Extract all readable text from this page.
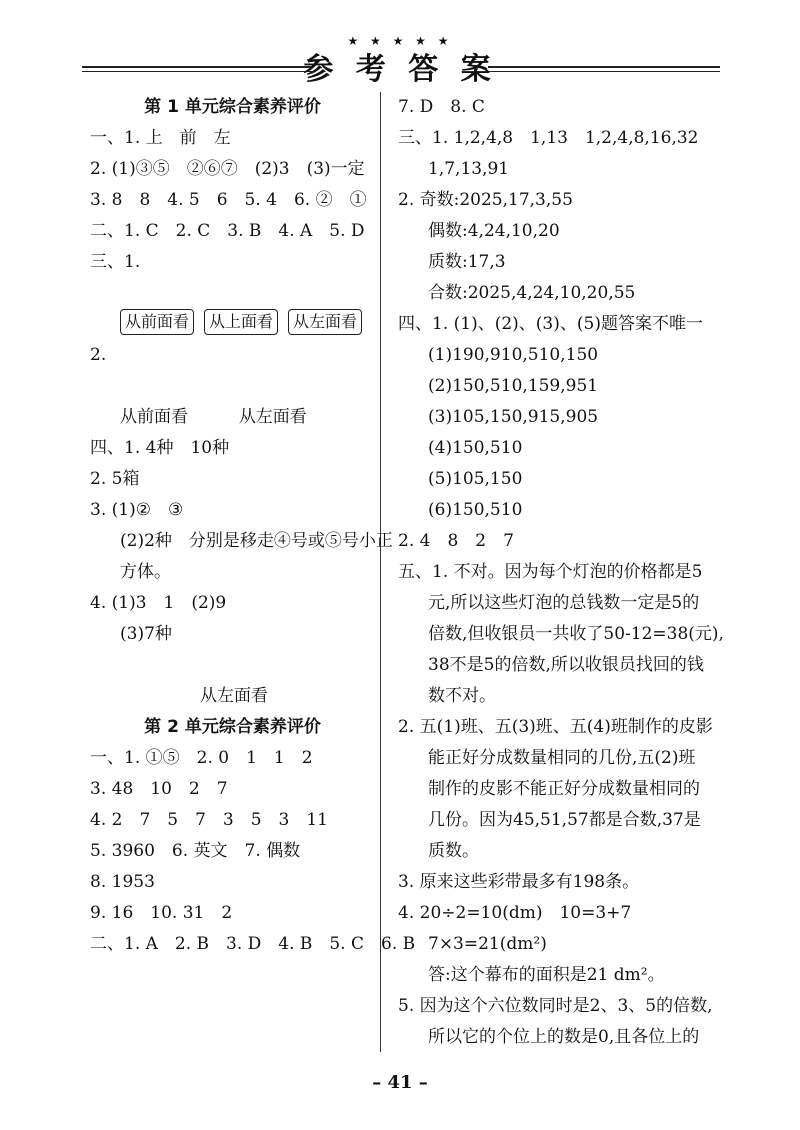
★ ★ ★ ★ ★
参 考 答 案
第 1 单元综合素养评价
一、1. 上　前　左
2. (1)③⑤　②⑥⑦　(2)3　(3)一定
3. 8　8　4. 5　6　5. 4　6. ②　①
二、1. C　2. C　3. B　4. A　5. D
三、1.
从前面看	从上面看	从左面看
2.
从前面看	从左面看
四、1. 4种　10种
2. 5箱
3. (1)②　③
(2)2种　分别是移走④号或⑤号小正
方体。
4. (1)3　1　(2)9
(3)7种
从左面看
第 2 单元综合素养评价
一、1. ①⑤　2. 0　1　1　2
3. 48　10　2　7
4. 2　7　5　7　3　5　3　11
5. 3960　6. 英文　7. 偶数
8. 1953
9. 16　10. 31　2
二、1. A　2. B　3. D　4. B　5. C　6. B
7. D　8. C
三、1. 1,2,4,8　1,13　1,2,4,8,16,32
1,7,13,91
2. 奇数:2025,17,3,55
偶数:4,24,10,20
质数:17,3
合数:2025,4,24,10,20,55
四、1. (1)、(2)、(3)、(5)题答案不唯一
(1)190,910,510,150
(2)150,510,159,951
(3)105,150,915,905
(4)150,510
(5)105,150
(6)150,510
2. 4　8　2　7
五、1. 不对。因为每个灯泡的价格都是5
元,所以这些灯泡的总钱数一定是5的
倍数,但收银员一共收了50-12=38(元),
38不是5的倍数,所以收银员找回的钱
数不对。
2. 五(1)班、五(3)班、五(4)班制作的皮影
能正好分成数量相同的几份,五(2)班
制作的皮影不能正好分成数量相同的
几份。因为45,51,57都是合数,37是
质数。
3. 原来这些彩带最多有198条。
4. 20÷2=10(dm)　10=3+7
7×3=21(dm²)
答:这个幕布的面积是21 dm²。
5. 因为这个六位数同时是2、3、5的倍数,
所以它的个位上的数是0,且各位上的
– 41 –
